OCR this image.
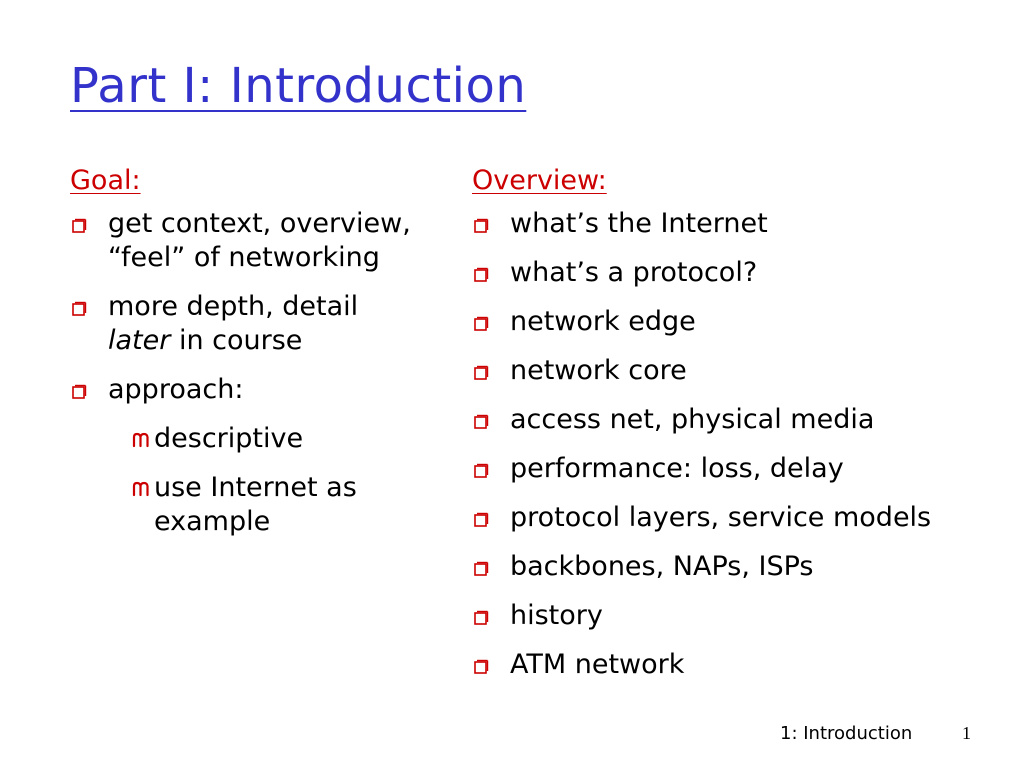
Part I: Introduction
Goal:
get context, overview, “feel” of networking
more depth, detail later in course
approach:
descriptive
use Internet as example
Overview:
what’s the Internet
what’s a protocol?
network edge
network core
access net, physical media
performance: loss, delay
protocol layers, service models
backbones, NAPs, ISPs
history
ATM network
1: Introduction	1
